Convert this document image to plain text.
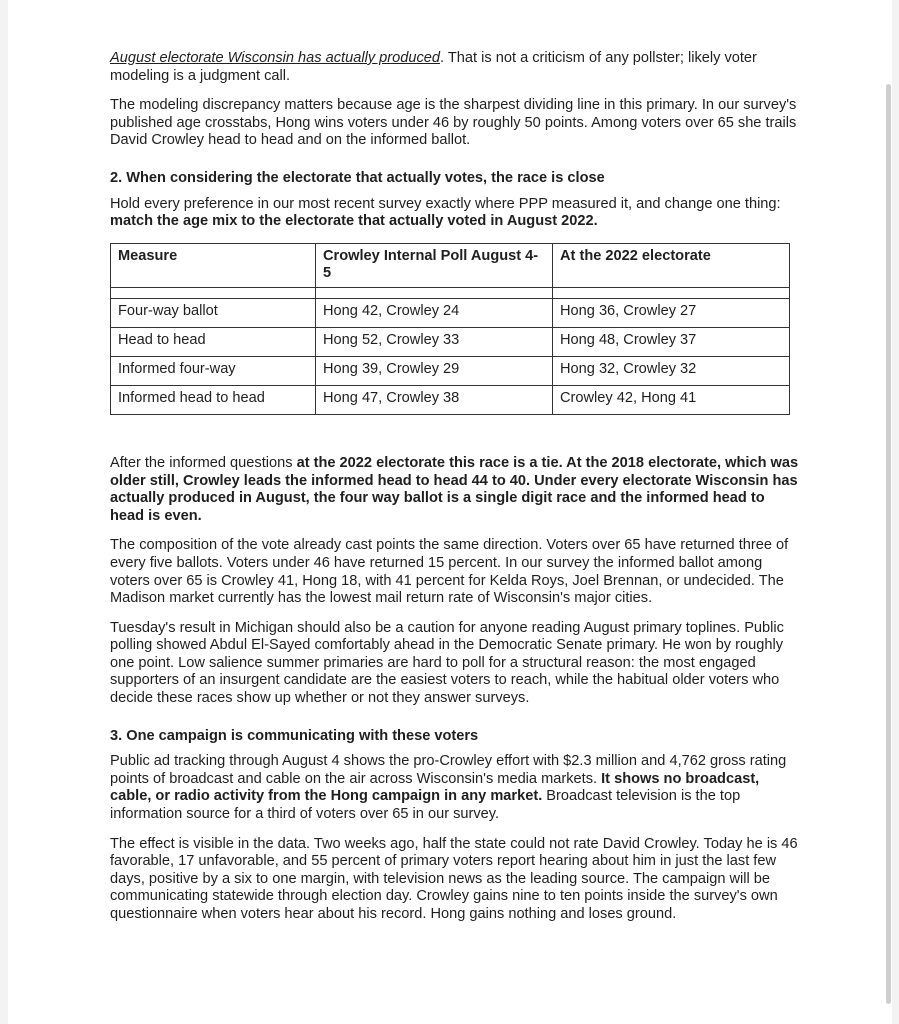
August electorate Wisconsin has actually produced. That is not a criticism of any pollster; likely voter modeling is a judgment call.

The modeling discrepancy matters because age is the sharpest dividing line in this primary. In our survey's published age crosstabs, Hong wins voters under 46 by roughly 50 points. Among voters over 65 she trails David Crowley head to head and on the informed ballot.

2. When considering the electorate that actually votes, the race is close

Hold every preference in our most recent survey exactly where PPP measured it, and change one thing: match the age mix to the electorate that actually voted in August 2022.

Measure	Crowley Internal Poll August 4-5	At the 2022 electorate

Four-way ballot	Hong 42, Crowley 24	Hong 36, Crowley 27
Head to head	Hong 52, Crowley 33	Hong 48, Crowley 37
Informed four-way	Hong 39, Crowley 29	Hong 32, Crowley 32
Informed head to head	Hong 47, Crowley 38	Crowley 42, Hong 41

After the informed questions at the 2022 electorate this race is a tie. At the 2018 electorate, which was older still, Crowley leads the informed head to head 44 to 40. Under every electorate Wisconsin has actually produced in August, the four way ballot is a single digit race and the informed head to head is even.

The composition of the vote already cast points the same direction. Voters over 65 have returned three of every five ballots. Voters under 46 have returned 15 percent. In our survey the informed ballot among voters over 65 is Crowley 41, Hong 18, with 41 percent for Kelda Roys, Joel Brennan, or undecided. The Madison market currently has the lowest mail return rate of Wisconsin's major cities.

Tuesday's result in Michigan should also be a caution for anyone reading August primary toplines. Public polling showed Abdul El-Sayed comfortably ahead in the Democratic Senate primary. He won by roughly one point. Low salience summer primaries are hard to poll for a structural reason: the most engaged supporters of an insurgent candidate are the easiest voters to reach, while the habitual older voters who decide these races show up whether or not they answer surveys.

3. One campaign is communicating with these voters

Public ad tracking through August 4 shows the pro-Crowley effort with $2.3 million and 4,762 gross rating points of broadcast and cable on the air across Wisconsin's media markets. It shows no broadcast, cable, or radio activity from the Hong campaign in any market. Broadcast television is the top information source for a third of voters over 65 in our survey.

The effect is visible in the data. Two weeks ago, half the state could not rate David Crowley. Today he is 46 favorable, 17 unfavorable, and 55 percent of primary voters report hearing about him in just the last few days, positive by a six to one margin, with television news as the leading source. The campaign will be communicating statewide through election day. Crowley gains nine to ten points inside the survey's own questionnaire when voters hear about his record. Hong gains nothing and loses ground.
